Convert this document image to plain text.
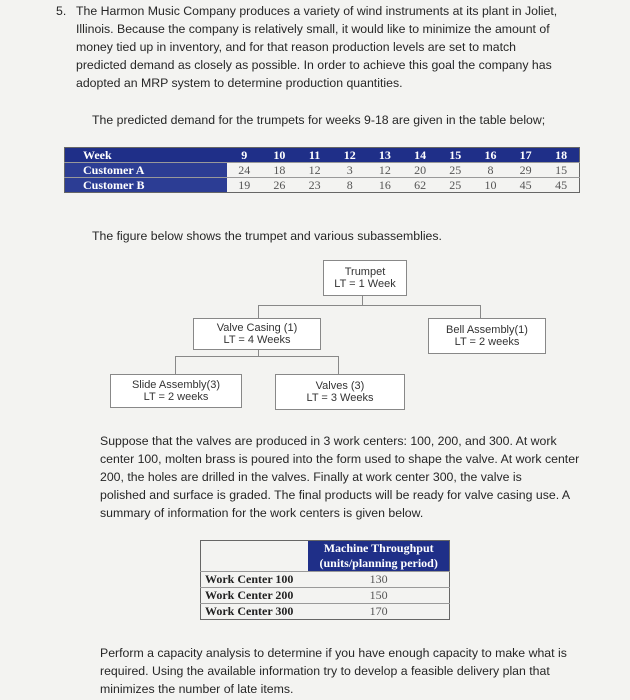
5. The Harmon Music Company produces a variety of wind instruments at its plant in Joliet,
Illinois. Because the company is relatively small, it would like to minimize the amount of
money tied up in inventory, and for that reason production levels are set to match
predicted demand as closely as possible. In order to achieve this goal the company has
adopted an MRP system to determine production quantities.
The predicted demand for the trumpets for weeks 9-18 are given in the table below;
Week	9	10	11	12	13	14	15	16	17	18
Customer A	24	18	12	3	12	20	25	8	29	15
Customer B	19	26	23	8	16	62	25	10	45	45
The figure below shows the trumpet and various subassemblies.
Trumpet
LT = 1 Week
Valve Casing (1)
LT = 4 Weeks
Bell Assembly(1)
LT = 2 weeks
Slide Assembly(3)
LT = 2 weeks
Valves (3)
LT = 3 Weeks
Suppose that the valves are produced in 3 work centers: 100, 200, and 300. At work
center 100, molten brass is poured into the form used to shape the valve. At work center
200, the holes are drilled in the valves. Finally at work center 300, the valve is
polished and surface is graded. The final products will be ready for valve casing use. A
summary of information for the work centers is given below.

	Machine Throughput
(units/planning period)

Work Center 100	130
Work Center 200	150
Work Center 300	170
Perform a capacity analysis to determine if you have enough capacity to make what is
required. Using the available information try to develop a feasible delivery plan that
minimizes the number of late items.
